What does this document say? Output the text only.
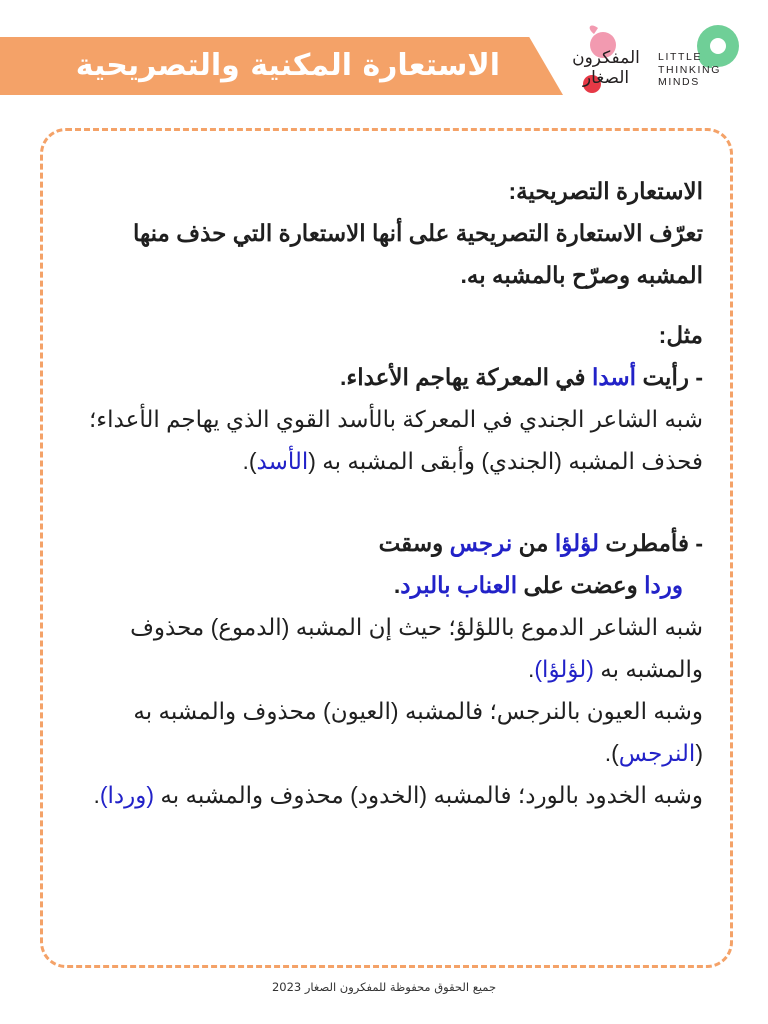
الاستعارة المكنية والتصريحية	المفكرون
الصغار
LITTLE
THINKING
MINDS

الاستعارة التصريحية:

تعرّف الاستعارة التصريحية على أنها الاستعارة التي حذف منها المشبه وصرّح بالمشبه به.

مثل:

- رأيت أسدا في المعركة يهاجم الأعداء.

شبه الشاعر الجندي في المعركة بالأسد القوي الذي يهاجم الأعداء؛ فحذف المشبه (الجندي) وأبقى المشبه به (الأسد).

- فأمطرت لؤلؤا من نرجس وسقت

وردا وعضت على العناب بالبرد.

شبه الشاعر الدموع باللؤلؤ؛ حيث إن المشبه (الدموع) محذوف والمشبه به (لؤلؤا).

وشبه العيون بالنرجس؛ فالمشبه (العيون) محذوف والمشبه به (النرجس).

وشبه الخدود بالورد؛ فالمشبه (الخدود) محذوف والمشبه به (وردا).

جميع الحقوق محفوظة للمفكرون الصغار 2023
